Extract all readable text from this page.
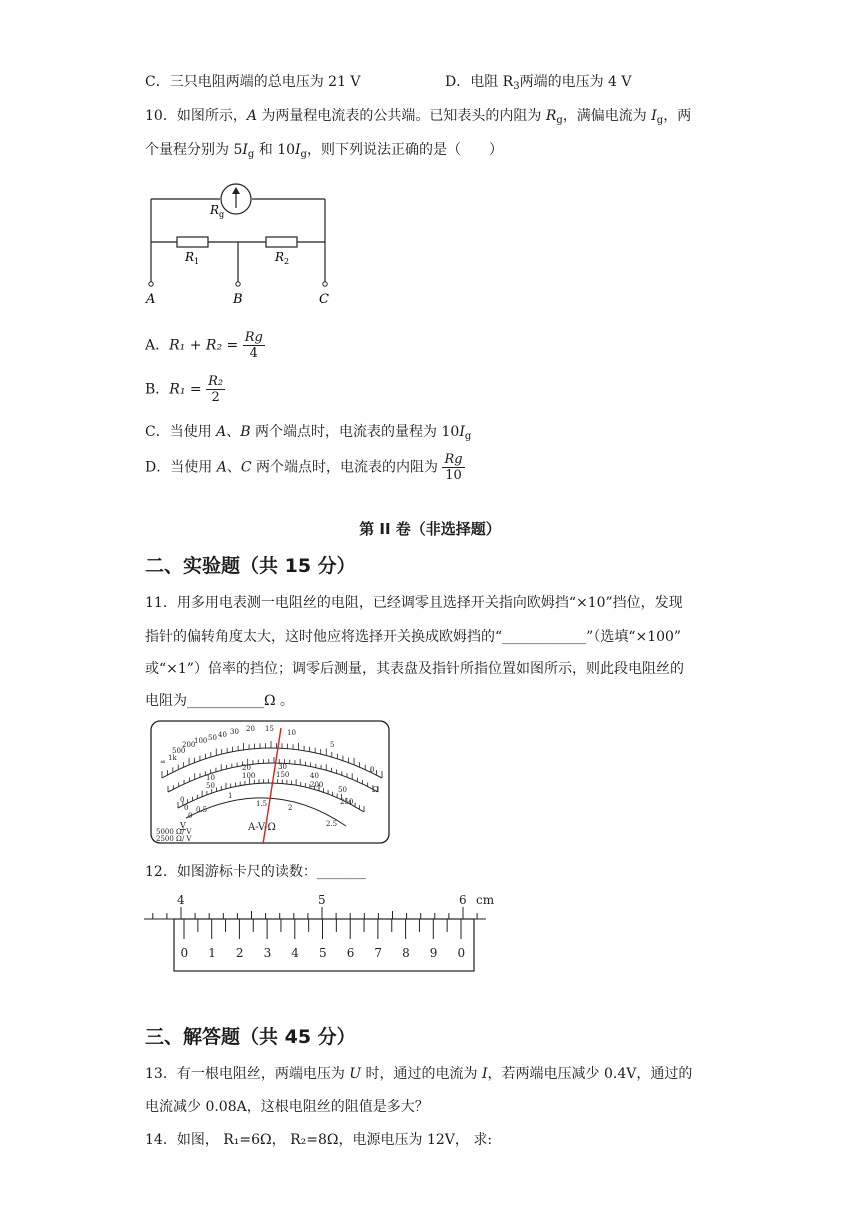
C．三只电阻两端的总电压为 21 V	D．电阻 $R_3$两端的电压为 4 V
10．如图所示，A 为两量程电流表的公共端。已知表头的内阻为 $R_g$，满偏电流为 $I_g$，两
个量程分别为 $5I_g$ 和 $10I_g$，则下列说法正确的是（　　）
$R_g$
$R_1$	$R_2$
A	B	C
A．$R_1 + R_2 = \frac{Rg}{4}$
B．$R_1 = \frac{\text{R₂}}{2}$
C．当使用 A、B 两个端点时，电流表的量程为 $10I_g$
D．当使用 A、C 两个端点时，电流表的内阻为 $\frac{Rg}{10}$
第 II 卷（非选择题）
二、实验题（共 15 分）
11．用多用电表测一电阻丝的电阻，已经调零且选择开关指向欧姆挡“×10”挡位，发现
指针的偏转角度太大，这时他应将选择开关换成欧姆挡的“____________”（选填“×100”
或“×1”）倍率的挡位；调零后测量，其表盘及指针所指位置如图所示，则此段电阻丝的
电阻为___________Ω 。
∞ 1k
500
200
100 50 40 30 20 15 10
5
0
Ω
0
10
20	30
40
50
0
50
100	150
200
250
0
0.5
1
1.5	2
2.5
V
5000 Ω/ V
2500 Ω/ V
A-V-Ω
12．如图游标卡尺的读数：_______
4	5	6 cm
0 1 2 3 4 5 6 7 8 9 0
三、解答题（共 45 分）
13．有一根电阻丝，两端电压为 U 时，通过的电流为 I，若两端电压减少 0.4V，通过的
电流减少 0.08A，这根电阻丝的阻值是多大？
14．如图， R₁=6Ω， R₂=8Ω，电源电压为 12V， 求:
